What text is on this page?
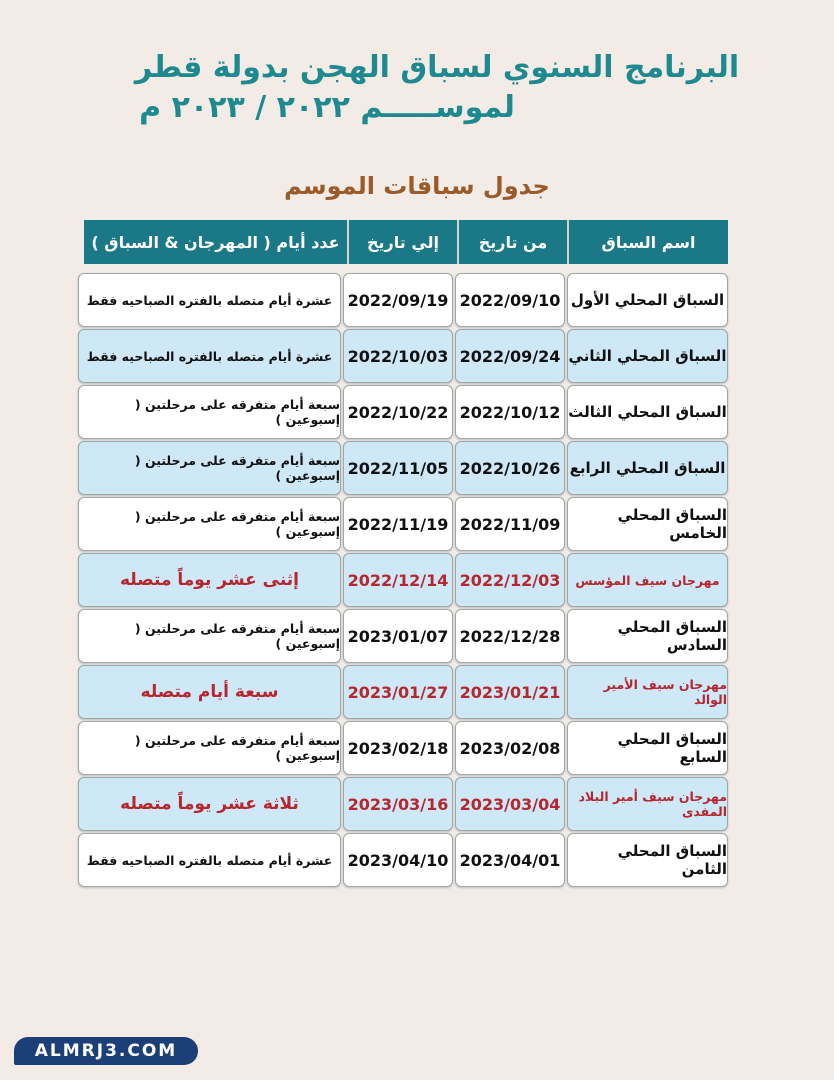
البرنامج السنوي لسباق الهجن بدولة قطر
لموســـــم ٢٠٢٢ / ٢٠٢٣ م
جدول سباقات الموسم
اسم السباق
من تاريخ
إلي تاريخ
عدد أيام ( المهرجان & السباق )
السباق المحلي الأول
2022/09/10
2022/09/19
عشرة أيام متصله بالفتره الصباحيه فقط
السباق المحلي الثاني
2022/09/24
2022/10/03
عشرة أيام متصله بالفتره الصباحيه فقط
السباق المحلي الثالث
2022/10/12
2022/10/22
سبعة أيام متفرقه على مرحلتين ( إسبوعين )
السباق المحلي الرابع
2022/10/26
2022/11/05
سبعة أيام متفرقه على مرحلتين ( إسبوعين )
السباق المحلي الخامس
2022/11/09
2022/11/19
سبعة أيام متفرقه على مرحلتين ( إسبوعين )
مهرجان سيف المؤسس
2022/12/03
2022/12/14
إثنى عشر يوماً متصله
السباق المحلي السادس
2022/12/28
2023/01/07
سبعة أيام متفرقه على مرحلتين ( إسبوعين )
مهرجان سيف الأمير الوالد
2023/01/21
2023/01/27
سبعة أيام متصله
السباق المحلي السابع
2023/02/08
2023/02/18
سبعة أيام متفرقه على مرحلتين ( إسبوعين )
مهرجان سيف أمير البلاد المفدى
2023/03/04
2023/03/16
ثلاثة عشر يوماً متصله
السباق المحلي الثامن
2023/04/01
2023/04/10
عشرة أيام متصله بالفتره الصباحيه فقط
ALMRJ3.COM
